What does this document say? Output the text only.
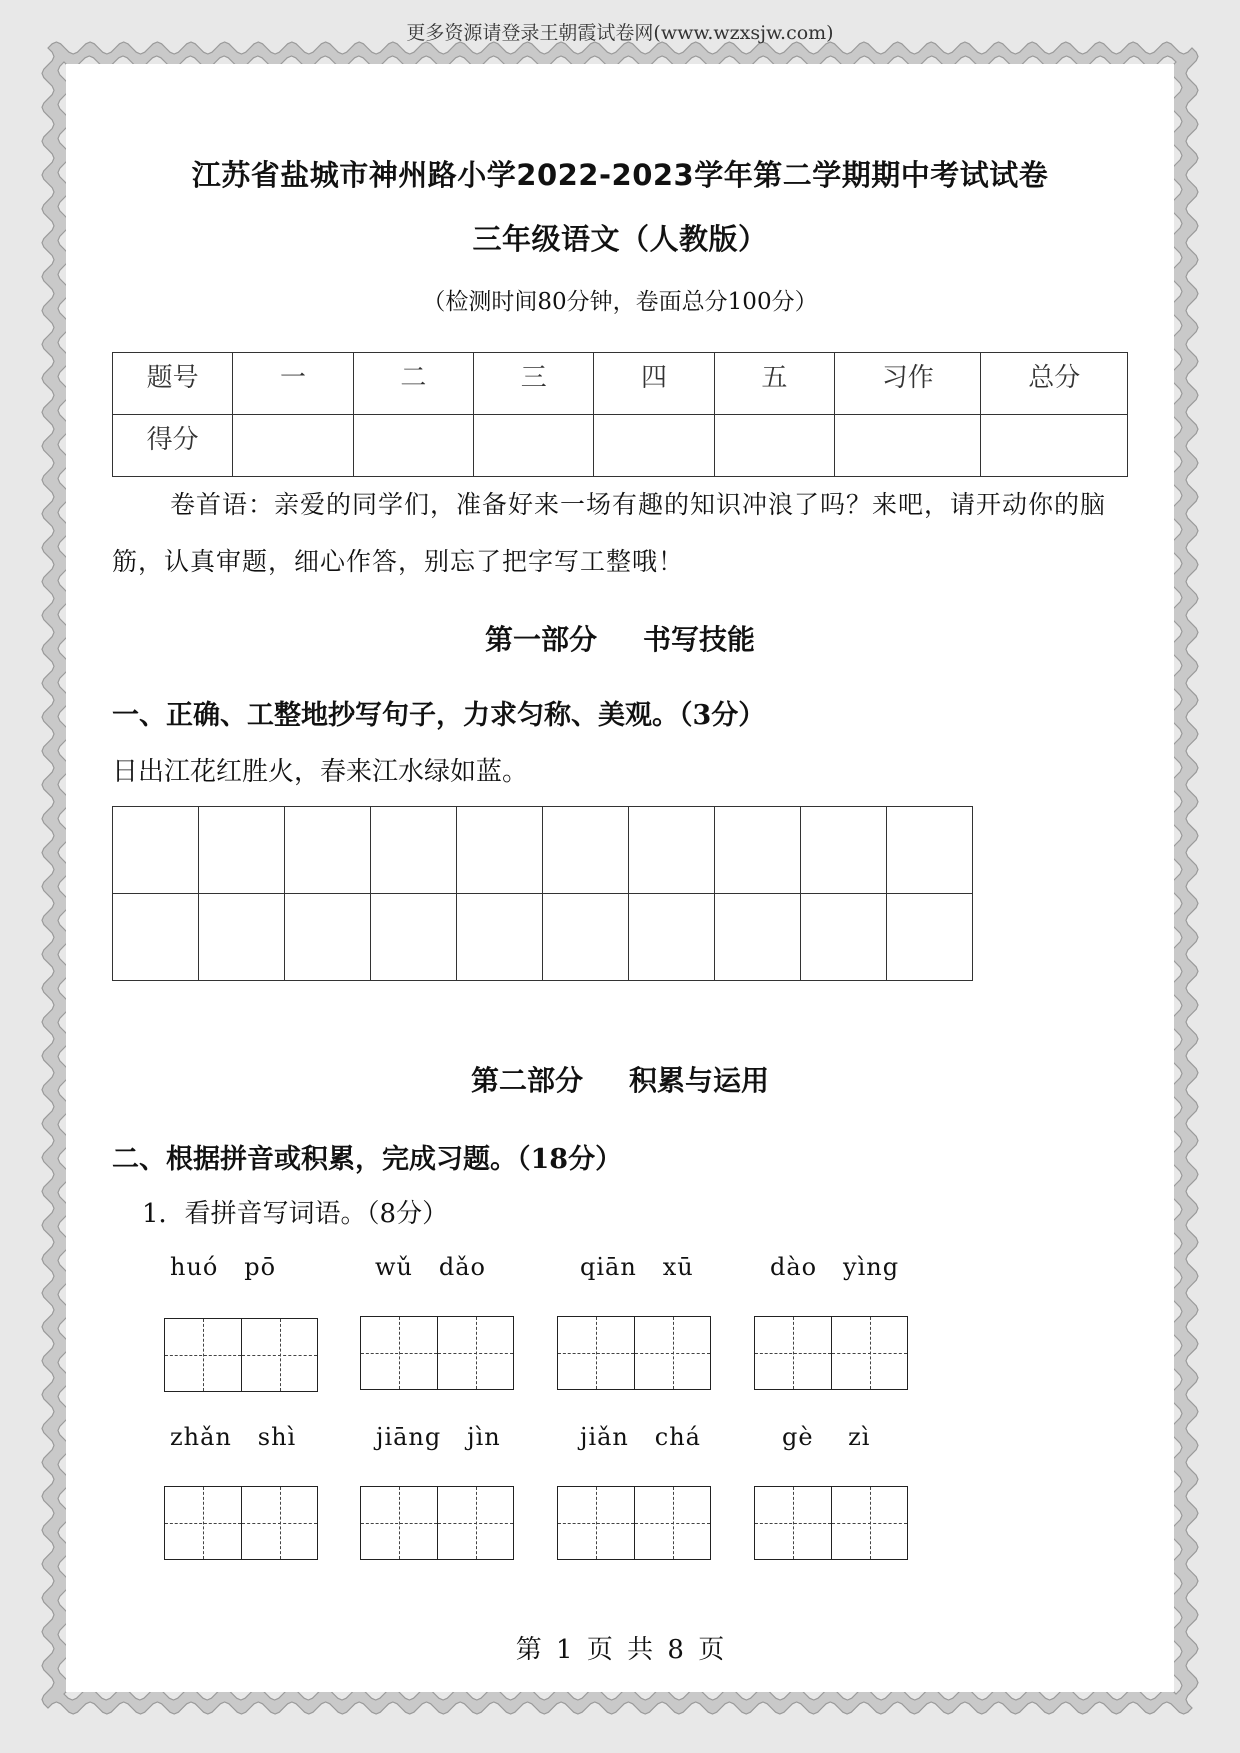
更多资源请登录王朝霞试卷网(www.wzxsjw.com)
江苏省盐城市神州路小学2022-2023学年第二学期期中考试试卷
三年级语文（人教版）
（检测时间80分钟，卷面总分100分）
题号	一	二	三	四	五	习作	总分
得分							
卷首语：亲爱的同学们，准备好来一场有趣的知识冲浪了吗？来吧，请开动你的脑筋，认真审题，细心作答，别忘了把字写工整哦！
第一部分 书写技能
一、正确、工整地抄写句子，力求匀称、美观。（3分）
日出江花红胜火，春来江水绿如蓝。

第二部分 积累与运用
二、根据拼音或积累，完成习题。（18分）
1．看拼音写词语。（8分）
huó   pō	wǔ   dǎo	qiān   xū	dào   yìng
zhǎn   shì	jiāng   jìn	jiǎn   chá	gè    zì
第 1 页 共 8 页
